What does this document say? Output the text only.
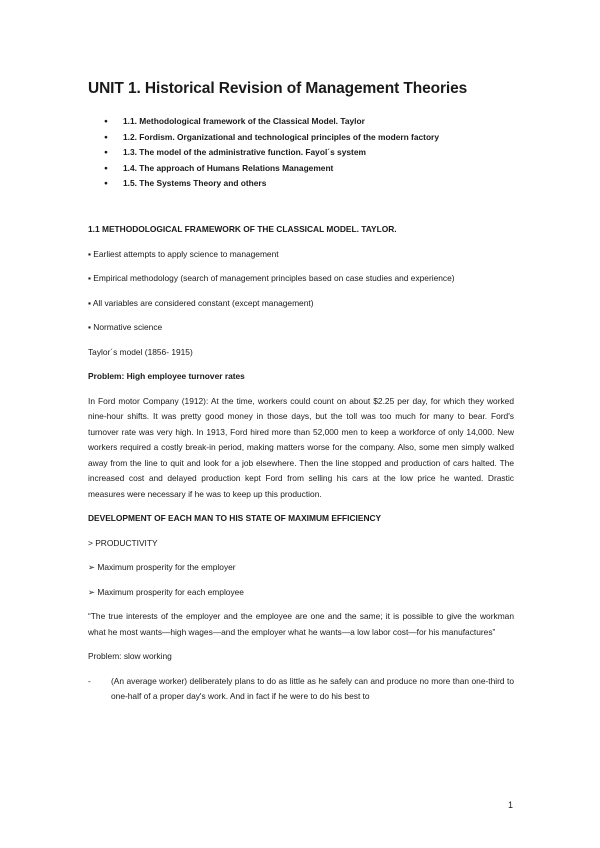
UNIT 1. Historical Revision of Management Theories
● 1.1. Methodological framework of the Classical Model. Taylor
● 1.2. Fordism. Organizational and technological principles of the modern factory
● 1.3. The model of the administrative function. Fayol´s system
● 1.4. The approach of Humans Relations Management
● 1.5. The Systems Theory and others
1.1 METHODOLOGICAL FRAMEWORK OF THE CLASSICAL MODEL. TAYLOR.

▪ Earliest attempts to apply science to management

▪ Empirical methodology (search of management principles based on case studies and experience)

▪ All variables are considered constant (except management)

▪ Normative science

Taylor´s model (1856- 1915)

Problem: High employee turnover rates

In Ford motor Company (1912): At the time, workers could count on about $2.25 per day, for which they worked nine-hour shifts. It was pretty good money in those days, but the toll was too much for many to bear. Ford's turnover rate was very high. In 1913, Ford hired more than 52,000 men to keep a workforce of only 14,000. New workers required a costly break-in period, making matters worse for the company. Also, some men simply walked away from the line to quit and look for a job elsewhere. Then the line stopped and production of cars halted. The increased cost and delayed production kept Ford from selling his cars at the low price he wanted. Drastic measures were necessary if he was to keep up this production.

DEVELOPMENT OF EACH MAN TO HIS STATE OF MAXIMUM EFFICIENCY

> PRODUCTIVITY

➢ Maximum prosperity for the employer

➢ Maximum prosperity for each employee

“The true interests of the employer and the employee are one and the same; it is possible to give the workman what he most wants—high wages—and the employer what he wants—a low labor cost—for his manufactures”

Problem: slow working

- (An average worker) deliberately plans to do as little as he safely can and produce no more than one-third to one-half of a proper day's work. And in fact if he were to do his best to
1
